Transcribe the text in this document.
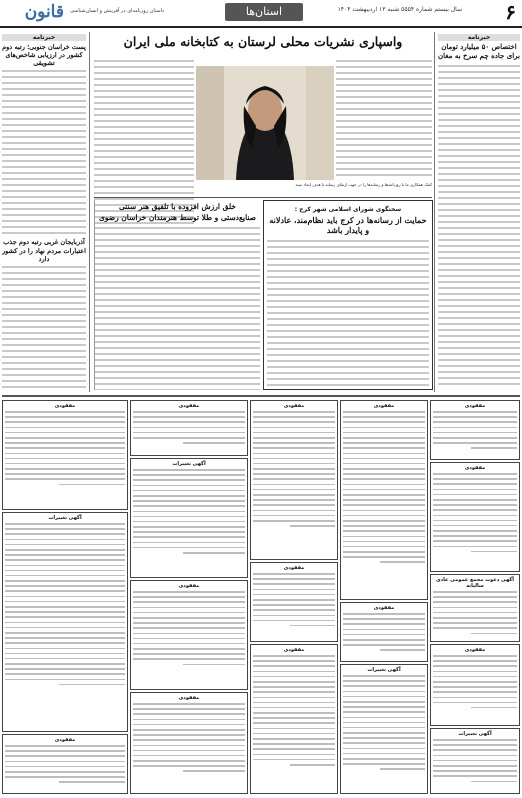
۶
سال بیستم شماره ۵۵۵۴ شنبه ۱۳ اردیبهشت ۱۴۰۴
استان‌ها
داستان روزنامه‌ای در آفرینش و انسان‌شناسی
قانون
خبرنامه
اختصاص ۵۰ میلیارد تومان برای جاده چم سرخ به مغان
خبرنامه
پست خراسان جنوبی؛ رتبه دوم کشور در ارزیابی شاخص‌های تشویقی
آذربایجان غربی رتبه دوم جذب اعتبارات مردم نهاد را در کشور دارد
واسپاری نشریات محلی لرستان به کتابخانه ملی ایران
کمک همکاری ما با روزنامه‌ها و رسانه‌ها را در جهت ارتقای رسانه با هدف ایجاد سند
خلق ارزش افزوده با تلفیق هنر سنتی
صنایع‌دستی و طلا توسط هنرمندان خراسان رضوی
سخنگوی شورای اسلامی شهر کرج :
حمایت از رسانه‌ها در کرج باید نظام‌مند، عادلانه و پایدار باشد
مفقودی
مفقودی
آگهی دعوت مجمع عمومی عادی سالیانه
مفقودی
آگهی تغییرات
مفقودی
مفقودی
آگهی تغییرات
مفقودی
مفقودی
مفقودی
مفقودی
آگهی تغییرات
مفقودی
مفقودی
مفقودی
آگهی تغییرات
مفقودی
